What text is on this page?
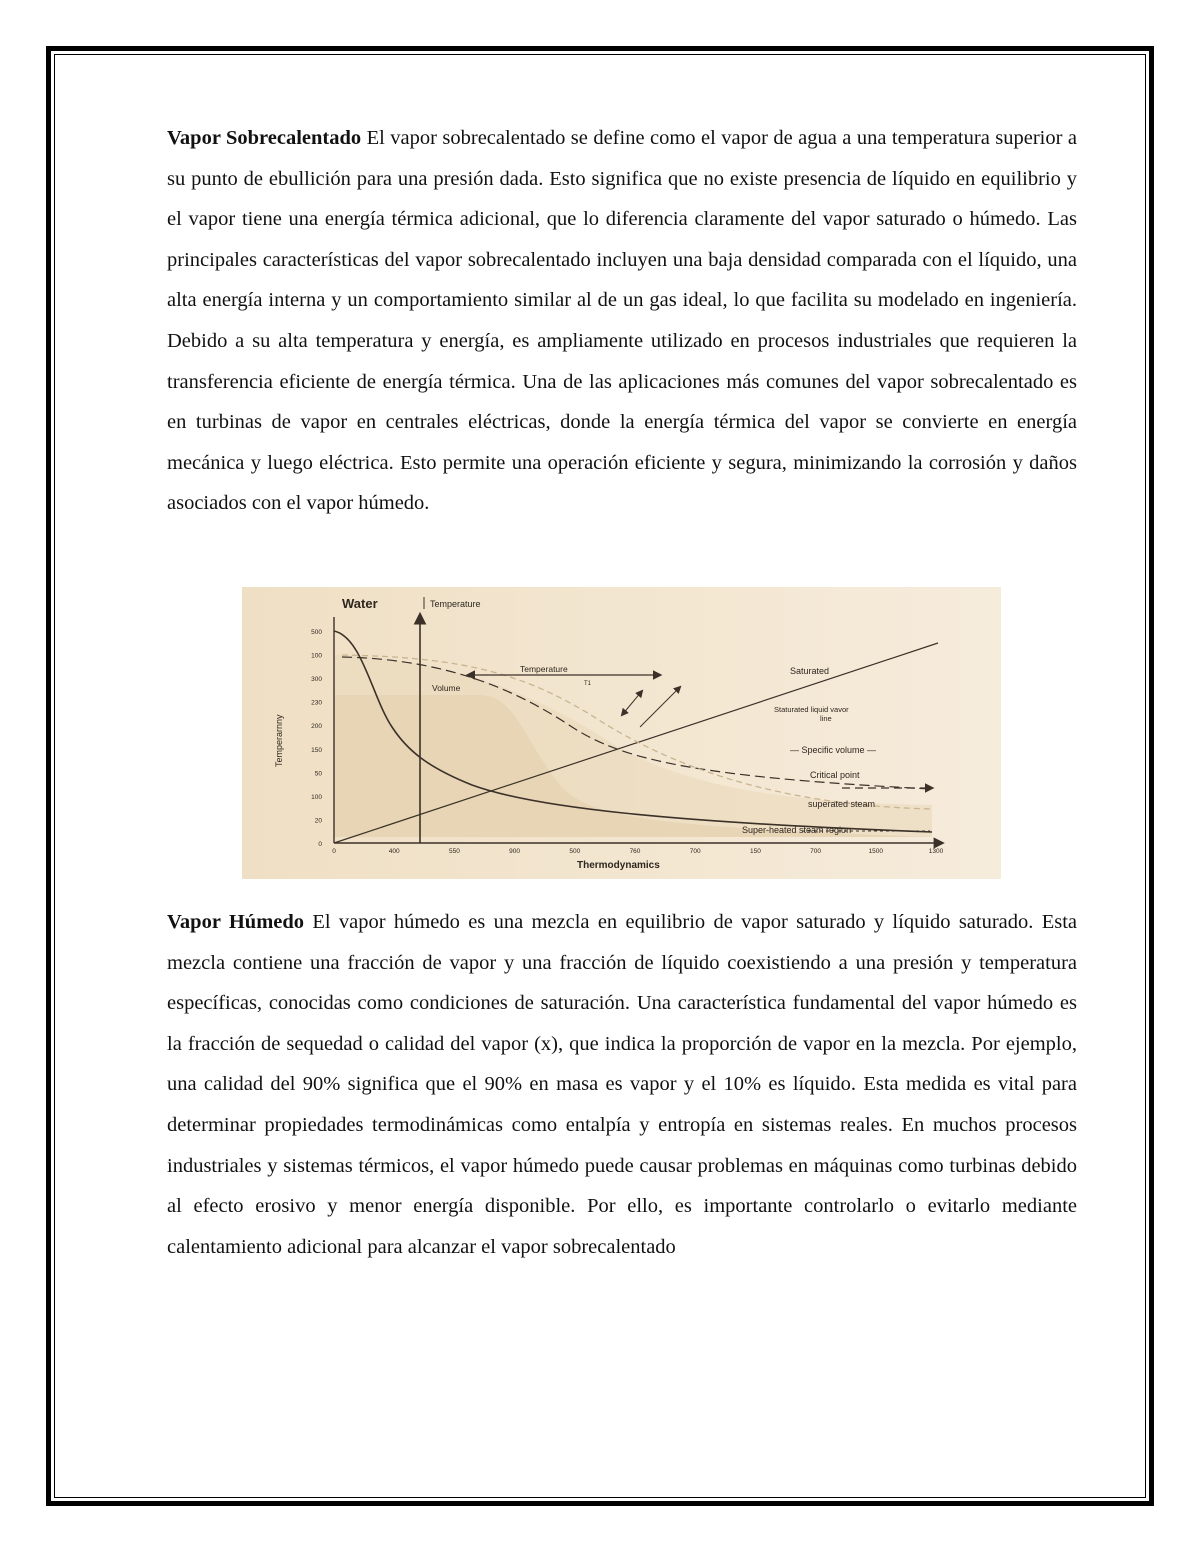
Vapor Sobrecalentado El vapor sobrecalentado se define como el vapor de agua a una temperatura superior a su punto de ebullición para una presión dada. Esto significa que no existe presencia de líquido en equilibrio y el vapor tiene una energía térmica adicional, que lo diferencia claramente del vapor saturado o húmedo. Las principales características del vapor sobrecalentado incluyen una baja densidad comparada con el líquido, una alta energía interna y un comportamiento similar al de un gas ideal, lo que facilita su modelado en ingeniería. Debido a su alta temperatura y energía, es ampliamente utilizado en procesos industriales que requieren la transferencia eficiente de energía térmica. Una de las aplicaciones más comunes del vapor sobrecalentado es en turbinas de vapor en centrales eléctricas, donde la energía térmica del vapor se convierte en energía mecánica y luego eléctrica. Esto permite una operación eficiente y segura, minimizando la corrosión y daños asociados con el vapor húmedo.

Water	Temperature
Temperarnny
500
100
300
230
200
150
50
100
20
0
0	400	550	900	500	760	700	150	700	1500	1300
Thermodynamics
Temperature
T1
Volume
Saturated
Staturated liquid vavor
line
— Specific volume —
Critical point
superated steam
Super-heated steam region

Vapor Húmedo El vapor húmedo es una mezcla en equilibrio de vapor saturado y líquido saturado. Esta mezcla contiene una fracción de vapor y una fracción de líquido coexistiendo a una presión y temperatura específicas, conocidas como condiciones de saturación. Una característica fundamental del vapor húmedo es la fracción de sequedad o calidad del vapor (x), que indica la proporción de vapor en la mezcla. Por ejemplo, una calidad del 90% significa que el 90% en masa es vapor y el 10% es líquido. Esta medida es vital para determinar propiedades termodinámicas como entalpía y entropía en sistemas reales. En muchos procesos industriales y sistemas térmicos, el vapor húmedo puede causar problemas en máquinas como turbinas debido al efecto erosivo y menor energía disponible. Por ello, es importante controlarlo o evitarlo mediante calentamiento adicional para alcanzar el vapor sobrecalentado
